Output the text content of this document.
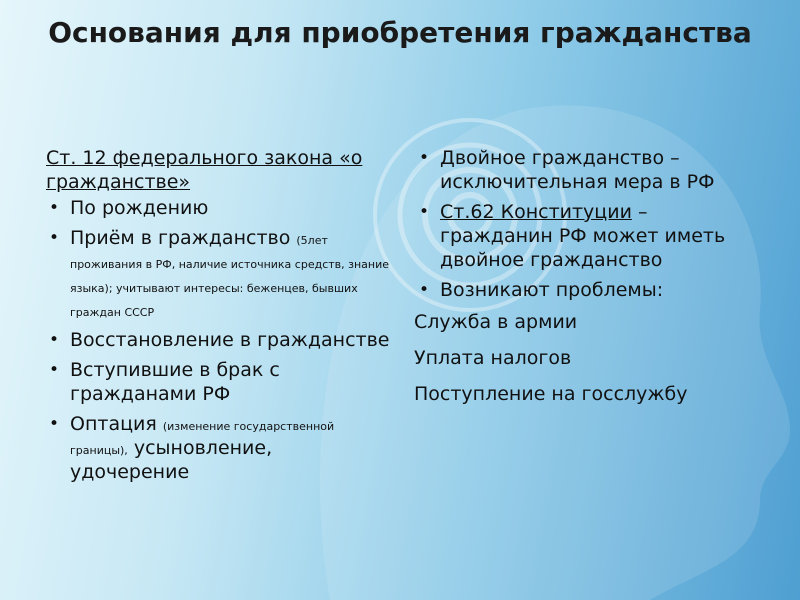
Основания для приобретения гражданства
Ст. 12 федерального закона «о гражданстве»
• По рождению
• Приём в гражданство (5лет проживания в РФ, наличие источника средств, знание языка); учитывают интересы: беженцев, бывших граждан СССР
• Восстановление в гражданстве
• Вступившие в брак с гражданами РФ
• Оптация (изменение государственной границы), усыновление, удочерение
• Двойное гражданство – исключительная мера в РФ
• Ст.62 Конституции – гражданин РФ может иметь двойное гражданство
• Возникают проблемы:
Служба в армии
Уплата налогов
Поступление на госслужбу
